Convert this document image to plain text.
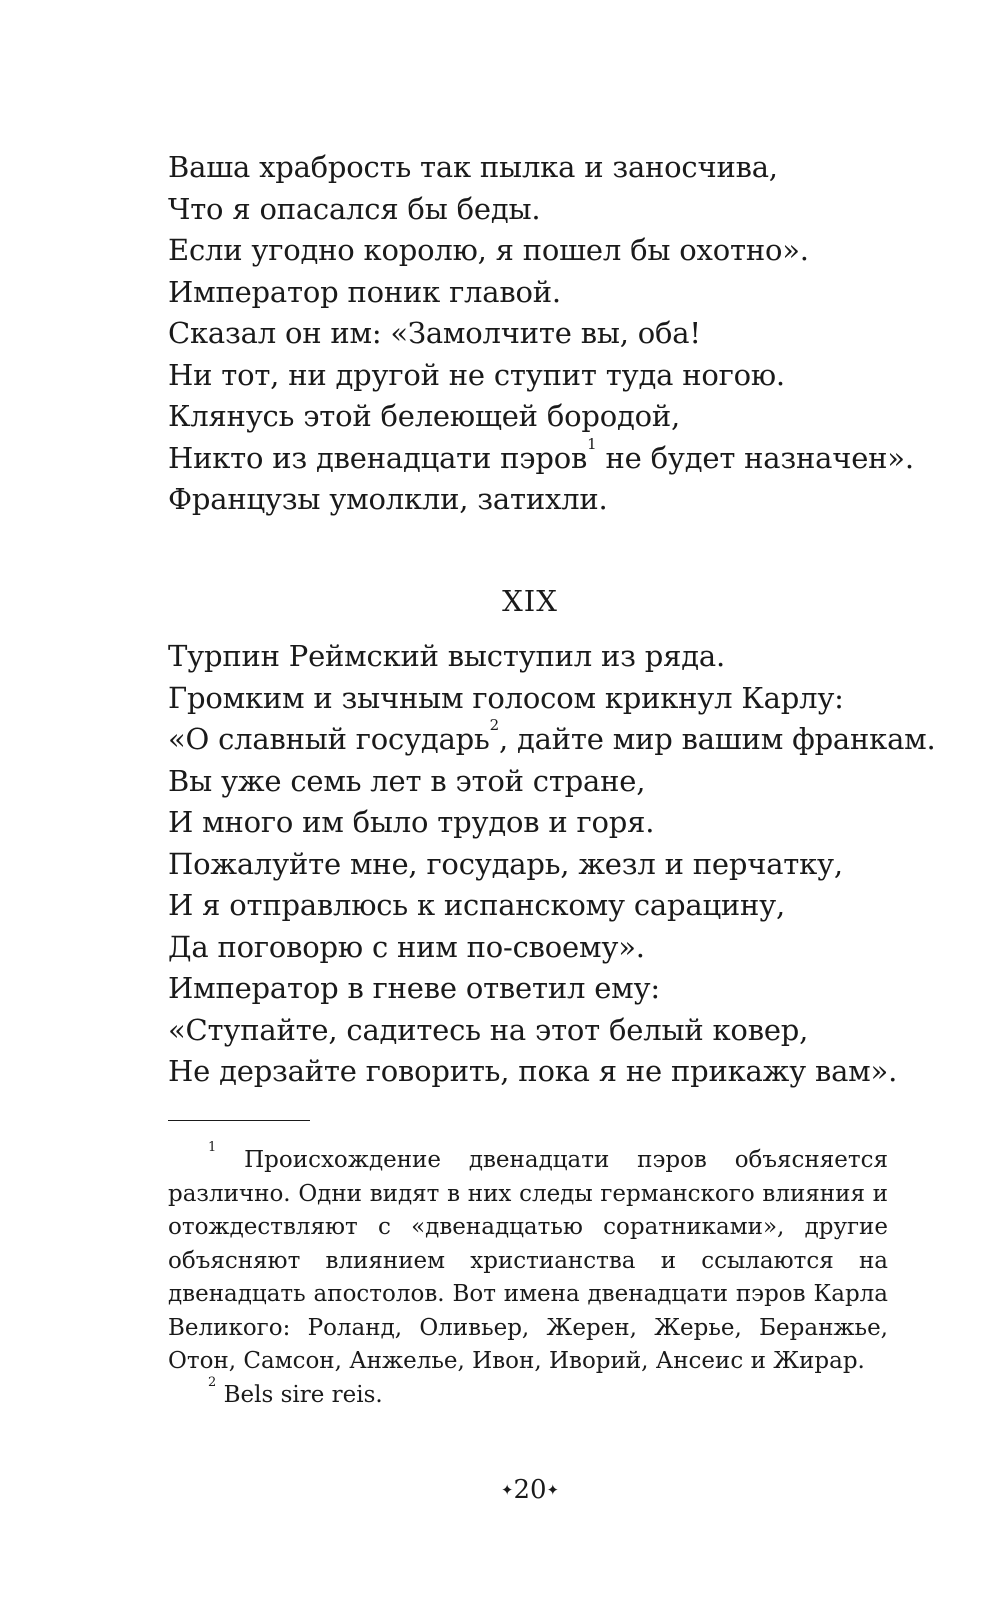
Ваша храбрость так пылка и заносчива,
Что я опасался бы беды.
Если угодно королю, я пошел бы охотно».
Император поник главой.
Сказал он им: «Замолчите вы, оба!
Ни тот, ни другой не ступит туда ногою.
Клянусь этой белеющей бородой,
Никто из двенадцати пэров$^1$ не будет назначен».
Французы умолкли, затихли.
XIX
Турпин Реймский выступил из ряда.
Громким и зычным голосом крикнул Карлу:
«О славный государь$^2$, дайте мир вашим франкам.
Вы уже семь лет в этой стране,
И много им было трудов и горя.
Пожалуйте мне, государь, жезл и перчатку,
И я отправлюсь к испанскому сарацину,
Да поговорю с ним по-своему».
Император в гневе ответил ему:
«Ступайте, садитесь на этот белый ковер,
Не дерзайте говорить, пока я не прикажу вам».

$^1$ Происхождение двенадцати пэров объясняется различно. Одни видят в них следы германского влияния и отождествляют с «двенадцатью соратниками», другие объясняют влиянием христианства и ссылаются на двенадцать апостолов. Вот имена двенадцати пэров Карла Великого: Роланд, Оливьер, Жерен, Жерье, Беранжье, Отон, Самсон, Анжелье, Ивон, Иворий, Ансеис и Жирар.

$^2$ Bels sire reis.

✦20✦
